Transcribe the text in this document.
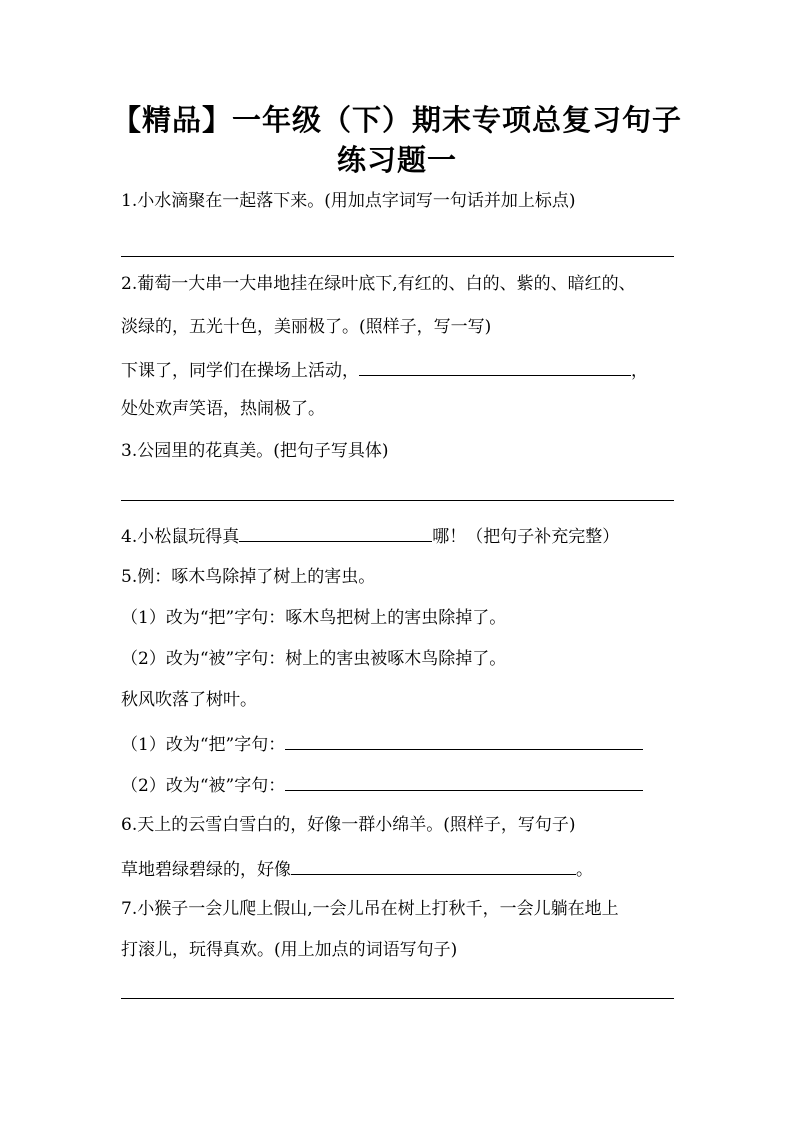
【精品】一年级（下）期末专项总复习句子
练习题一
1.小水滴聚在一起落下来。(用加点字词写一句话并加上标点)
2.葡萄一大串一大串地挂在绿叶底下,有红的、白的、紫的、暗红的、
淡绿的，五光十色，美丽极了。(照样子，写一写)
下课了，同学们在操场上活动，	，
处处欢声笑语，热闹极了。
3.公园里的花真美。(把句子写具体)
4.小松鼠玩得真	哪！（把句子补充完整）
5.例：啄木鸟除掉了树上的害虫。
（1）改为“把”字句：啄木鸟把树上的害虫除掉了。
（2）改为“被”字句：树上的害虫被啄木鸟除掉了。
秋风吹落了树叶。
（1）改为“把”字句：
（2）改为“被”字句：
6.天上的云雪白雪白的，好像一群小绵羊。(照样子，写句子)
草地碧绿碧绿的，好像	。
7.小猴子一会儿爬上假山,一会儿吊在树上打秋千，一会儿躺在地上
打滚儿，玩得真欢。(用上加点的词语写句子)
